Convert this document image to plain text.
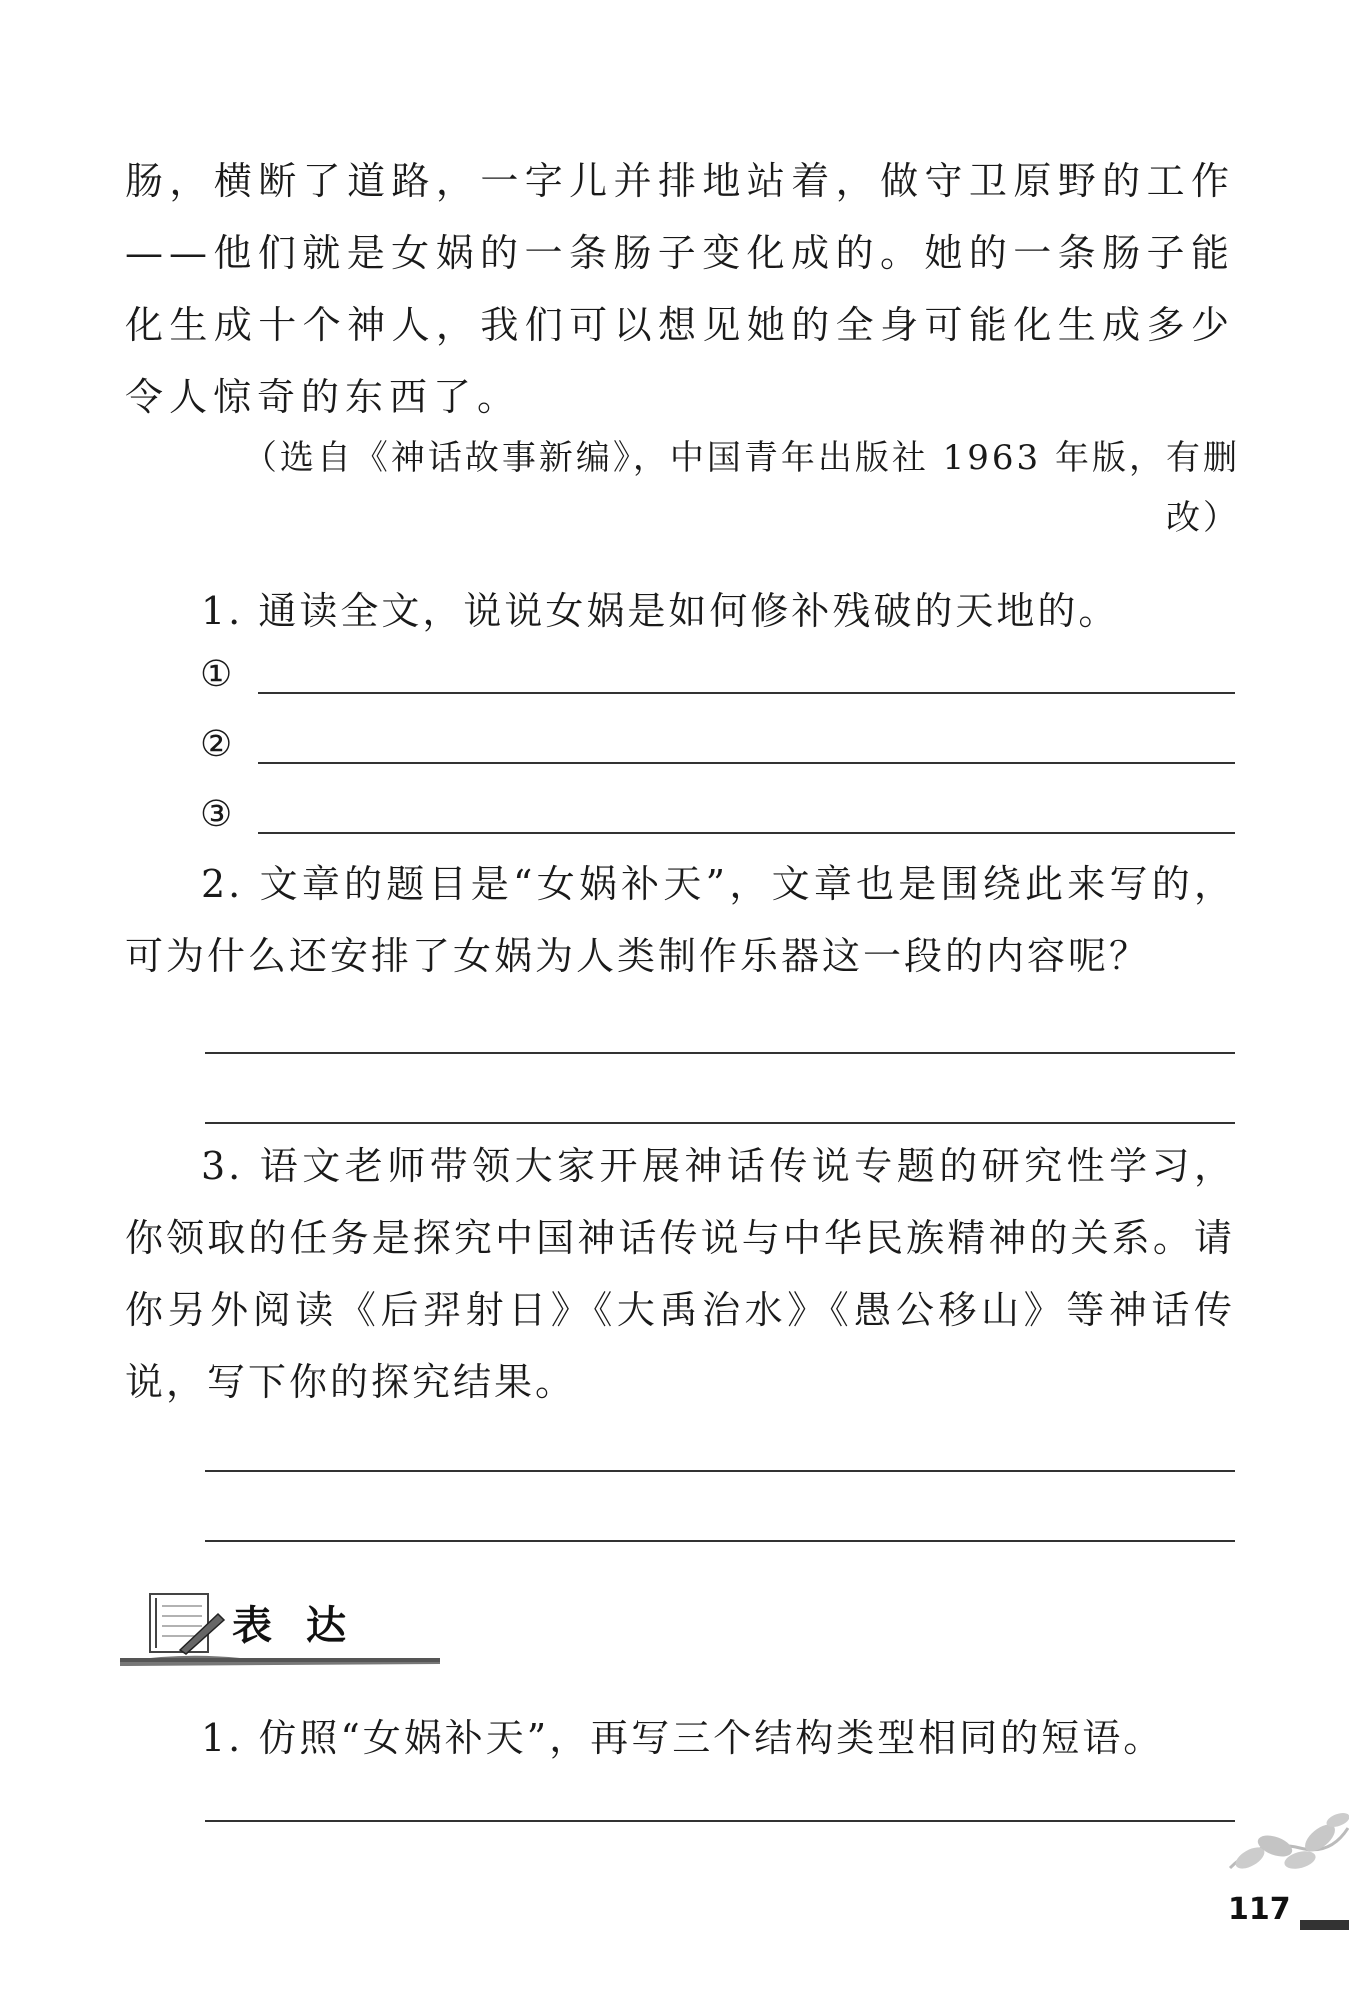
肠，横断了道路，一字儿并排地站着，做守卫原野的工作——他们就是女娲的一条肠子变化成的。她的一条肠子能化生成十个神人，我们可以想见她的全身可能化生成多少令人惊奇的东西了。
（选自《神话故事新编》，中国青年出版社 1963 年版，有删改）
1. 通读全文，说说女娲是如何修补残破的天地的。
①
②
③
2. 文章的题目是“女娲补天”，文章也是围绕此来写的，可为什么还安排了女娲为人类制作乐器这一段的内容呢？
3. 语文老师带领大家开展神话传说专题的研究性学习，你领取的任务是探究中国神话传说与中华民族精神的关系。请你另外阅读《后羿射日》《大禹治水》《愚公移山》等神话传说，写下你的探究结果。
表达
1. 仿照“女娲补天”，再写三个结构类型相同的短语。
117
